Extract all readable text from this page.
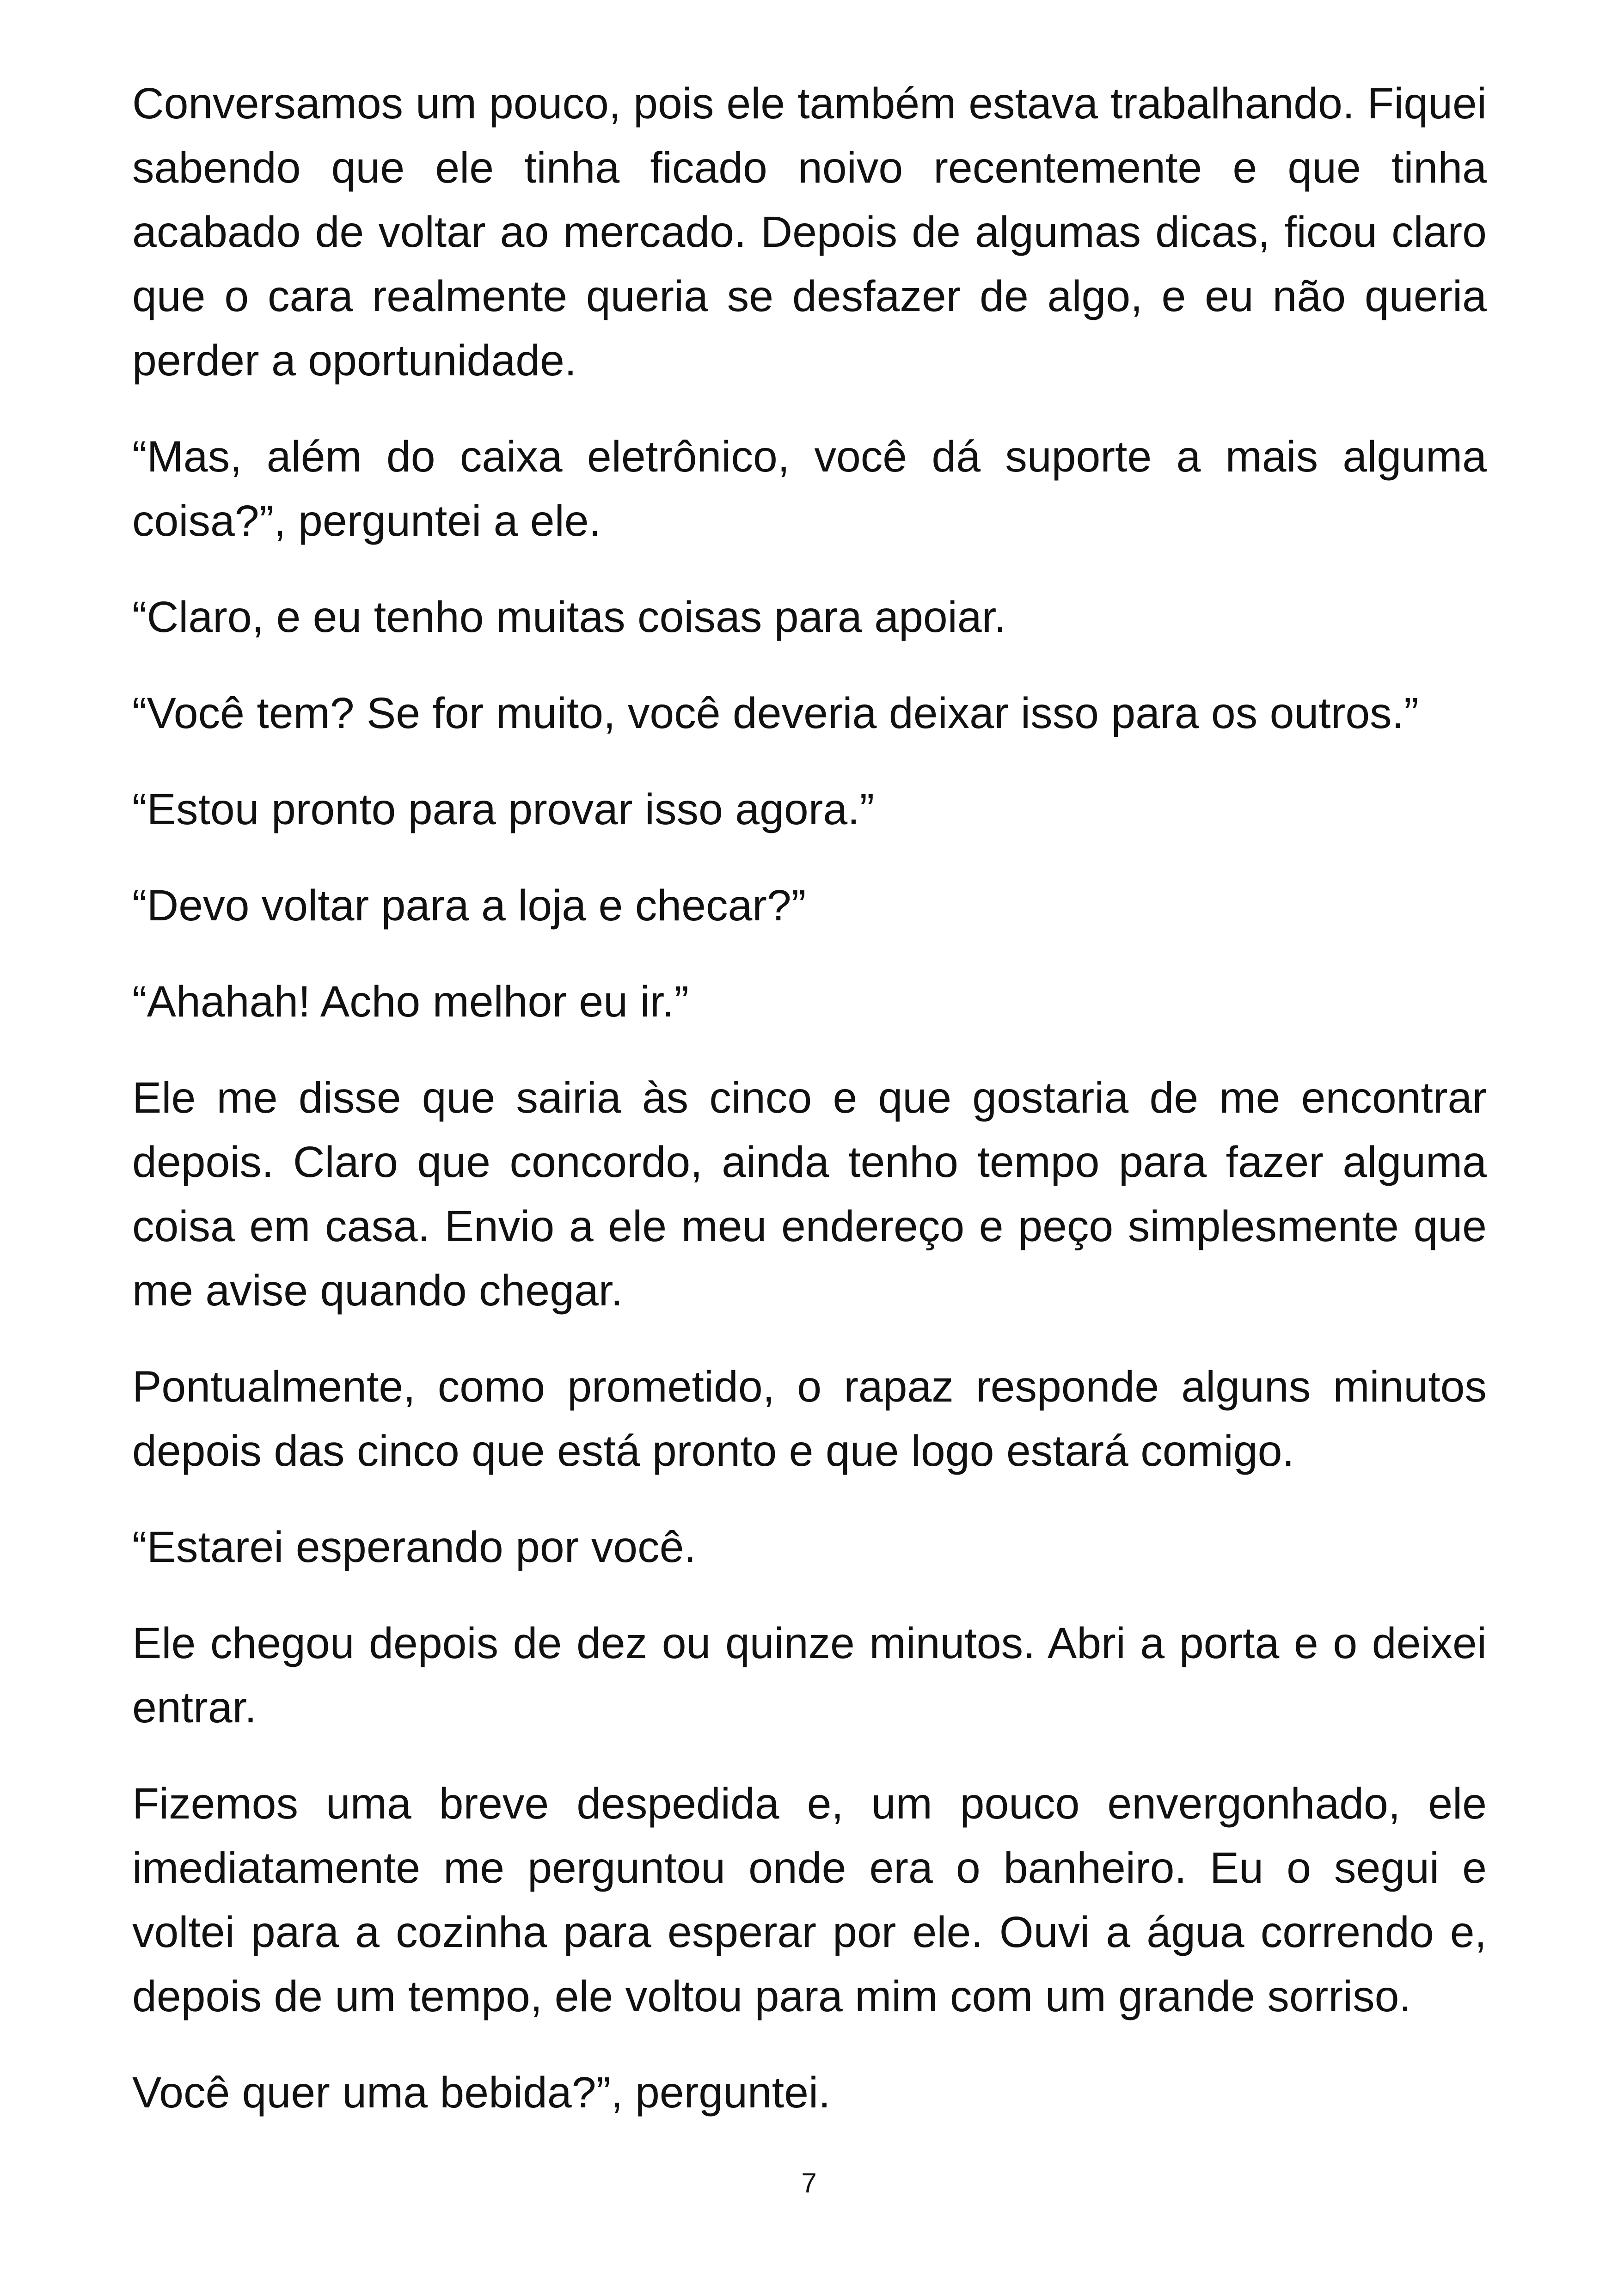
Conversamos um pouco, pois ele também estava trabalhando. Fiquei sabendo que ele tinha ficado noivo recentemente e que tinha acabado de voltar ao mercado. Depois de algumas dicas, ficou claro que o cara realmente queria se desfazer de algo, e eu não queria perder a oportunidade.

“Mas, além do caixa eletrônico, você dá suporte a mais alguma coisa?”, perguntei a ele.

“Claro, e eu tenho muitas coisas para apoiar.

“Você tem? Se for muito, você deveria deixar isso para os outros.”

“Estou pronto para provar isso agora.”

“Devo voltar para a loja e checar?”

“Ahahah! Acho melhor eu ir.”

Ele me disse que sairia às cinco e que gostaria de me encontrar depois. Claro que concordo, ainda tenho tempo para fazer alguma coisa em casa. Envio a ele meu endereço e peço simplesmente que me avise quando chegar.

Pontualmente, como prometido, o rapaz responde alguns minutos depois das cinco que está pronto e que logo estará comigo.

“Estarei esperando por você.

Ele chegou depois de dez ou quinze minutos. Abri a porta e o deixei entrar.

Fizemos uma breve despedida e, um pouco envergonhado, ele imediatamente me perguntou onde era o banheiro. Eu o segui e voltei para a cozinha para esperar por ele. Ouvi a água correndo e, depois de um tempo, ele voltou para mim com um grande sorriso.

Você quer uma bebida?”, perguntei.

7
